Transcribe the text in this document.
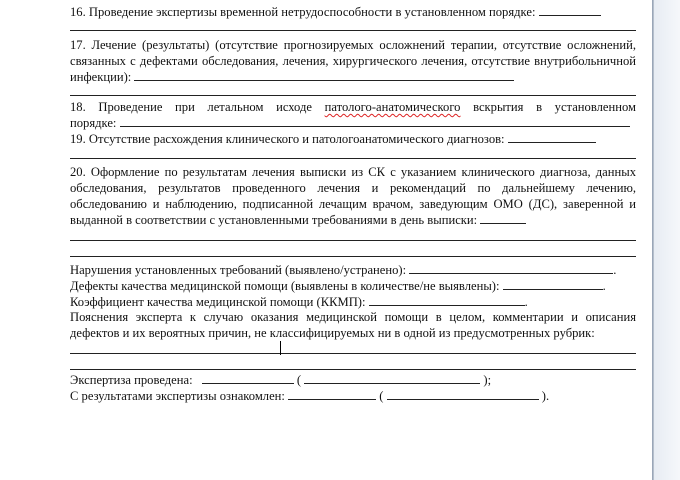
16. Проведение экспертизы временной нетрудоспособности в установленном порядке:
17. Лечение (результаты) (отсутствие прогнозируемых осложнений терапии, отсутствие осложнений, связанных с дефектами обследования, лечения, хирургического лечения, отсутствие внутрибольничной инфекции):
18. Проведение при летальном исходе патолого-анатомического вскрытия в установленном
порядке:
19. Отсутствие расхождения клинического и патологоанатомического диагнозов:
20. Оформление по результатам лечения выписки из СК с указанием клинического диагноза, данных обследования, результатов проведенного лечения и рекомендаций по дальнейшему лечению, обследованию и наблюдению, подписанной лечащим врачом, заведующим ОМО (ДС), заверенной и выданной в соответствии с установленными требованиями в день выписки:
Нарушения установленных требований (выявлено/устранено):	.
Дефекты качества медицинской помощи (выявлены в количестве/не выявлены):	.
Коэффициент качества медицинской помощи (ККМП):	.
Пояснения эксперта к случаю оказания медицинской помощи в целом, комментарии и описания дефектов и их вероятных причин, не классифицируемых ни в одной из предусмотренных рубрик:
Экспертиза проведена:	(	);
С результатами экспертизы ознакомлен:	(	).
